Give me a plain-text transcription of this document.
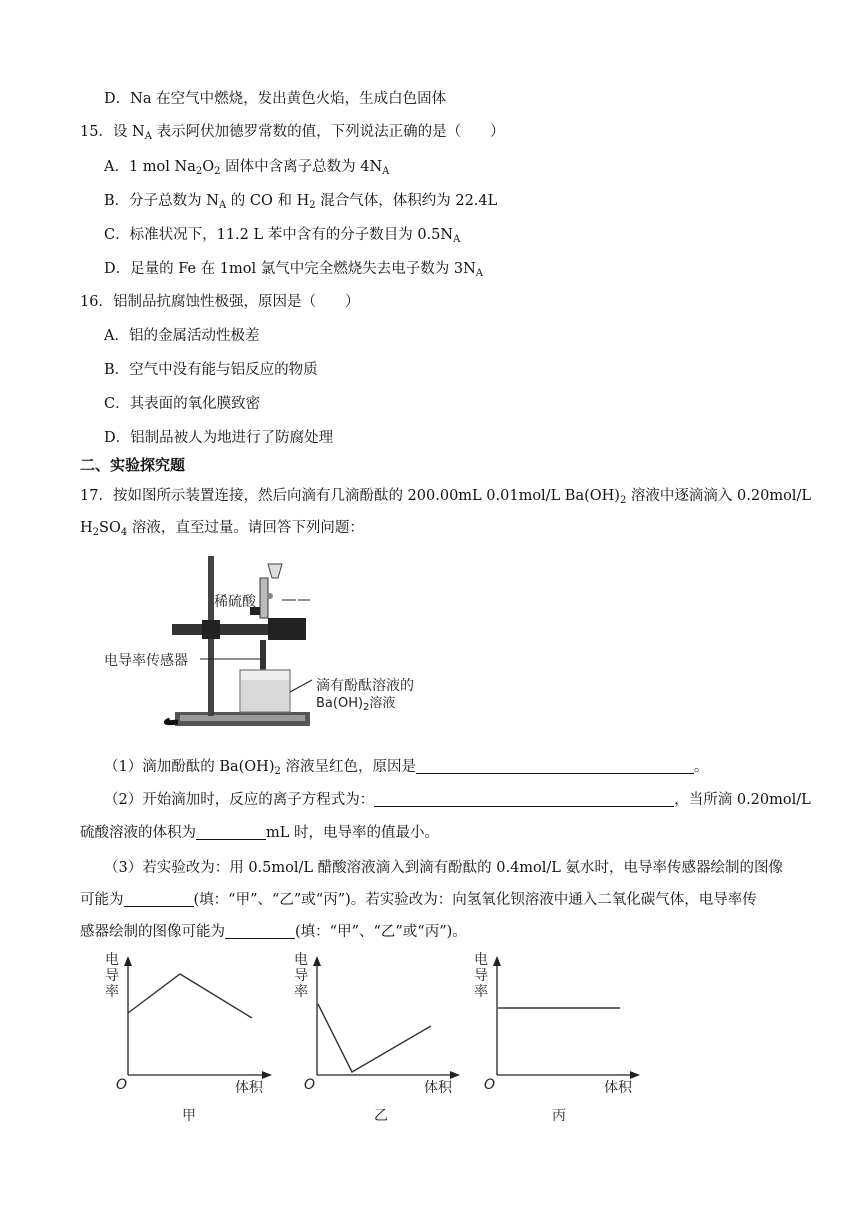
D．Na 在空气中燃烧，发出黄色火焰，生成白色固体
15．设 $N_A$ 表示阿伏加德罗常数的值，下列说法正确的是（　　）
A．1 mol $Na_2O_2$ 固体中含离子总数为 $4N_A$
B．分子总数为 $N_A$ 的 CO 和 $H_2$ 混合气体，体积约为 22.4L
C．标准状况下，11.2 L 苯中含有的分子数目为 $0.5N_A$
D．足量的 Fe 在 1mol 氯气中完全燃烧失去电子数为 $3N_A$
16．铝制品抗腐蚀性极强，原因是（　　）
A．铝的金属活动性极差
B．空气中没有能与铝反应的物质
C．其表面的氧化膜致密
D．铝制品被人为地进行了防腐处理
二、实验探究题
17．按如图所示装置连接，然后向滴有几滴酚酞的 200.00mL 0.01mol/L $Ba(OH)_2$ 溶液中逐滴滴入 0.20mol/L
$H_2SO_4$ 溶液，直至过量。请回答下列问题：
稀硫酸
电导率传感器
滴有酚酞溶液的
$Ba(OH)_2$溶液
（1）滴加酚酞的 $Ba(OH)_2$ 溶液呈红色，原因是	。
（2）开始滴加时，反应的离子方程式为：	，当所滴 0.20mol/L
硫酸溶液的体积为	mL 时，电导率的值最小。
（3）若实验改为：用 0.5mol/L 醋酸溶液滴入到滴有酚酞的 0.4mol/L 氨水时，电导率传感器绘制的图像
可能为	(填：“甲”、“乙”或“丙”)。若实验改为：向氢氧化钡溶液中通入二氧化碳气体，电导率传
感器绘制的图像可能为	(填：“甲”、“乙”或“丙”)。
电导率
O	体积
甲
电导率
O	体积
乙
电导率
O	体积
丙
